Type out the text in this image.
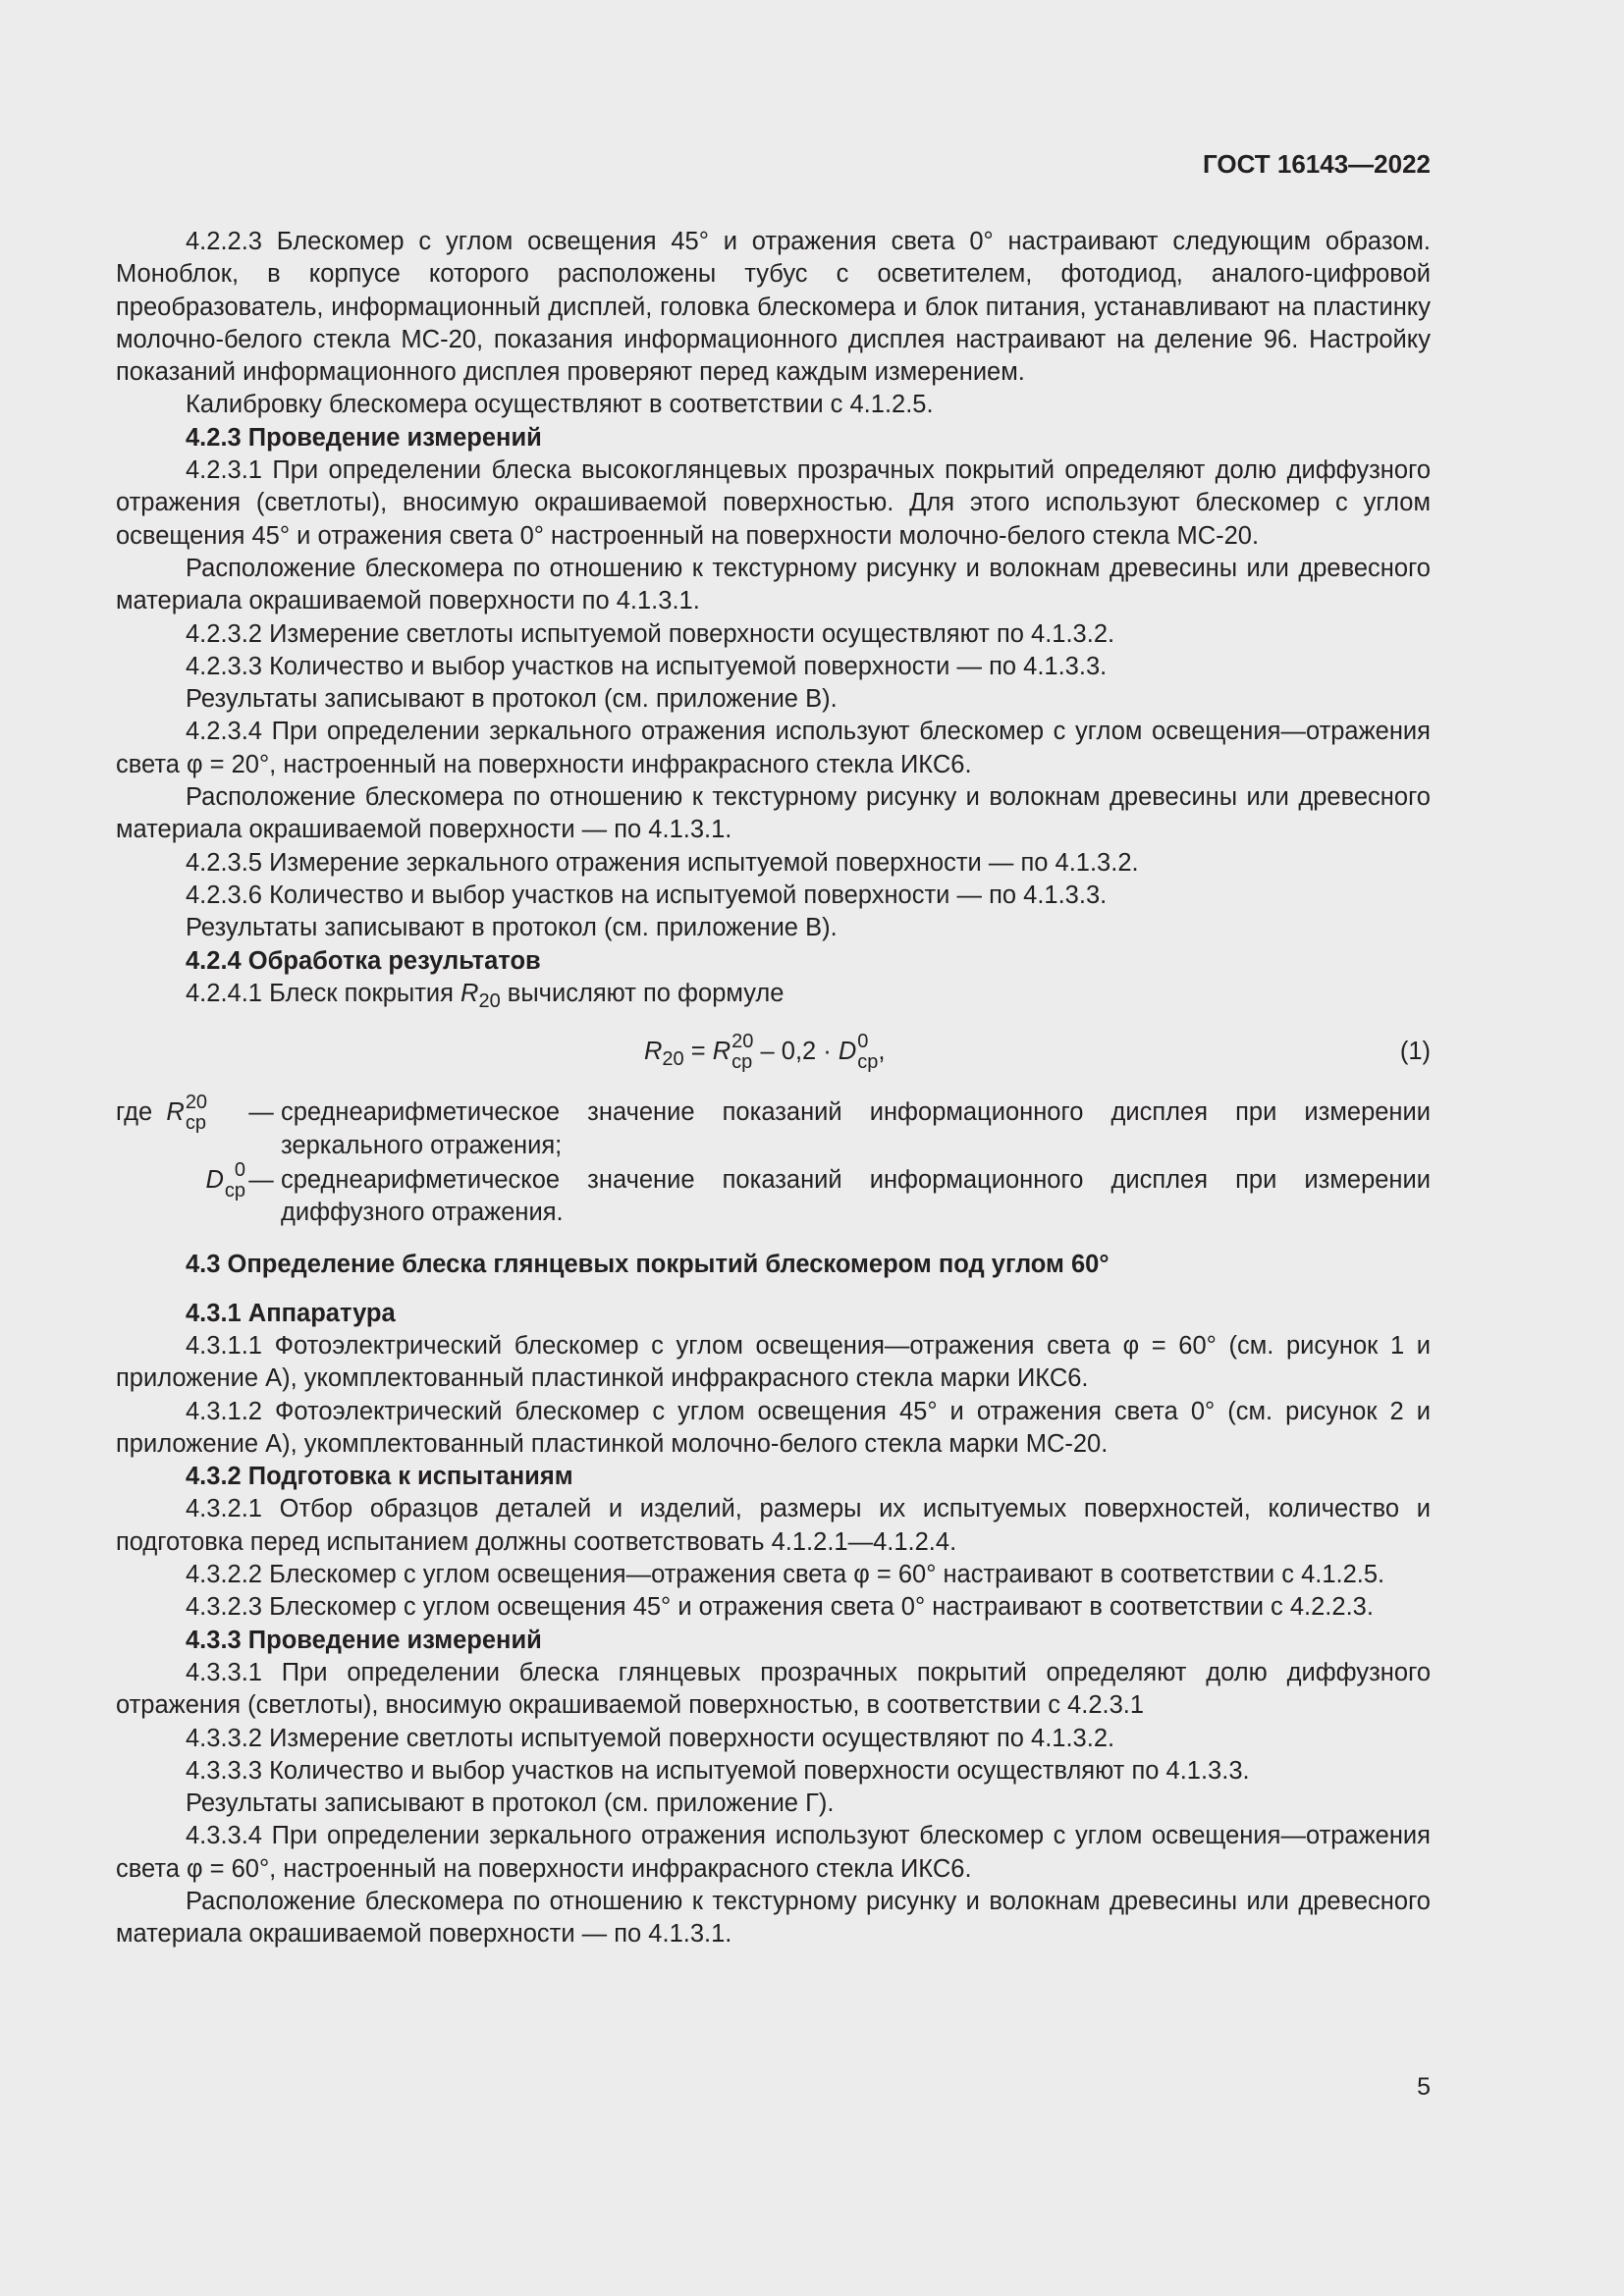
ГОСТ 16143—2022

4.2.2.3 Блескомер с углом освещения 45° и отражения света 0° настраивают следующим образом. Моноблок, в корпусе которого расположены тубус с осветителем, фотодиод, аналого-цифровой преобразователь, информационный дисплей, головка блескомера и блок питания, устанавливают на пластинку молочно-белого стекла МС-20, показания информационного дисплея настраивают на деление 96. Настройку показаний информационного дисплея проверяют перед каждым измерением.

Калибровку блескомера осуществляют в соответствии с 4.1.2.5.

4.2.3 Проведение измерений

4.2.3.1 При определении блеска высокоглянцевых прозрачных покрытий определяют долю диффузного отражения (светлоты), вносимую окрашиваемой поверхностью. Для этого используют блескомер с углом освещения 45° и отражения света 0° настроенный на поверхности молочно-белого стекла МС-20.

Расположение блескомера по отношению к текстурному рисунку и волокнам древесины или древесного материала окрашиваемой поверхности по 4.1.3.1.

4.2.3.2 Измерение светлоты испытуемой поверхности осуществляют по 4.1.3.2.

4.2.3.3 Количество и выбор участков на испытуемой поверхности — по 4.1.3.3.

Результаты записывают в протокол (см. приложение В).

4.2.3.4 При определении зеркального отражения используют блескомер с углом освещения—отражения света φ = 20°, настроенный на поверхности инфракрасного стекла ИКС6.

Расположение блескомера по отношению к текстурному рисунку и волокнам древесины или древесного материала окрашиваемой поверхности — по 4.1.3.1.

4.2.3.5 Измерение зеркального отражения испытуемой поверхности — по 4.1.3.2.

4.2.3.6 Количество и выбор участков на испытуемой поверхности — по 4.1.3.3.

Результаты записывают в протокол (см. приложение В).

4.2.4 Обработка результатов

4.2.4.1 Блеск покрытия $R_{20}$ вычисляют по формуле

$R_{20} = R$ 20
ср – 0,2 · D 0
ср ,	(1)
где R 20
ср — среднеарифметическое значение показаний информационного дисплея при измерении зеркального отражения;
D 0
ср — среднеарифметическое значение показаний информационного дисплея при измерении диффузного отражения.

4.3 Определение блеска глянцевых покрытий блескомером под углом 60°

4.3.1 Аппаратура

4.3.1.1 Фотоэлектрический блескомер с углом освещения—отражения света φ = 60° (см. рисунок 1 и приложение А), укомплектованный пластинкой инфракрасного стекла марки ИКС6.

4.3.1.2 Фотоэлектрический блескомер с углом освещения 45° и отражения света 0° (см. рисунок 2 и приложение А), укомплектованный пластинкой молочно-белого стекла марки МС-20.

4.3.2 Подготовка к испытаниям

4.3.2.1 Отбор образцов деталей и изделий, размеры их испытуемых поверхностей, количество и подготовка перед испытанием должны соответствовать 4.1.2.1—4.1.2.4.

4.3.2.2 Блескомер с углом освещения—отражения света φ = 60° настраивают в соответствии с 4.1.2.5.

4.3.2.3 Блескомер с углом освещения 45° и отражения света 0° настраивают в соответствии с 4.2.2.3.

4.3.3 Проведение измерений

4.3.3.1 При определении блеска глянцевых прозрачных покрытий определяют долю диффузного отражения (светлоты), вносимую окрашиваемой поверхностью, в соответствии с 4.2.3.1

4.3.3.2 Измерение светлоты испытуемой поверхности осуществляют по 4.1.3.2.

4.3.3.3 Количество и выбор участков на испытуемой поверхности осуществляют по 4.1.3.3.

Результаты записывают в протокол (см. приложение Г).

4.3.3.4 При определении зеркального отражения используют блескомер с углом освещения—отражения света φ = 60°, настроенный на поверхности инфракрасного стекла ИКС6.

Расположение блескомера по отношению к текстурному рисунку и волокнам древесины или древесного материала окрашиваемой поверхности — по 4.1.3.1.

5
